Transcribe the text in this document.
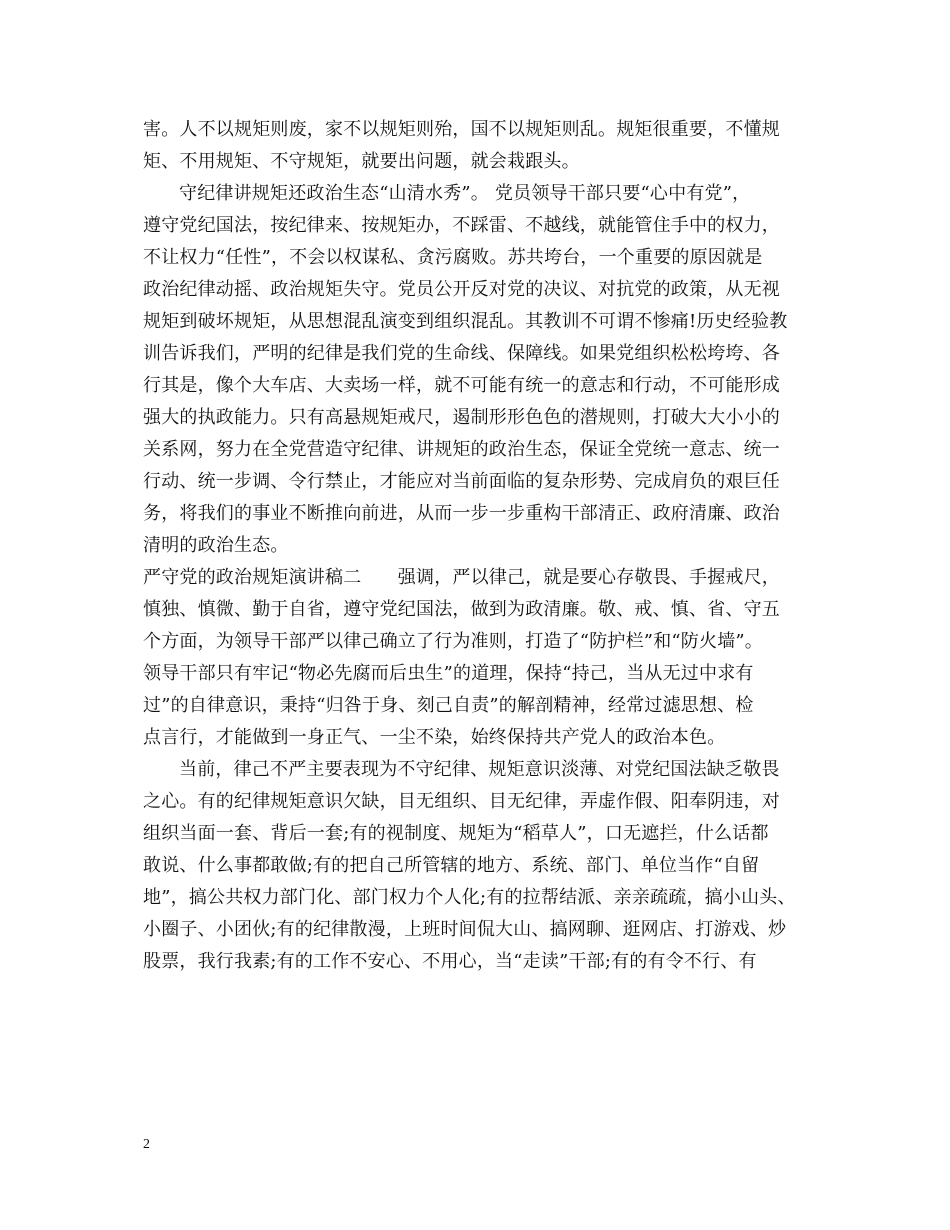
害。人不以规矩则废，家不以规矩则殆，国不以规矩则乱。规矩很重要，不懂规
矩、不用规矩、不守规矩，就要出问题，就会栽跟头。
守纪律讲规矩还政治生态“山清水秀”。 党员领导干部只要“心中有党”，
遵守党纪国法，按纪律来、按规矩办，不踩雷、不越线，就能管住手中的权力，
不让权力“任性”，不会以权谋私、贪污腐败。苏共垮台，一个重要的原因就是
政治纪律动摇、政治规矩失守。党员公开反对党的决议、对抗党的政策，从无视
规矩到破坏规矩，从思想混乱演变到组织混乱。其教训不可谓不惨痛!历史经验教
训告诉我们，严明的纪律是我们党的生命线、保障线。如果党组织松松垮垮、各
行其是，像个大车店、大卖场一样，就不可能有统一的意志和行动，不可能形成
强大的执政能力。只有高悬规矩戒尺，遏制形形色色的潜规则，打破大大小小的
关系网，努力在全党营造守纪律、讲规矩的政治生态，保证全党统一意志、统一
行动、统一步调、令行禁止，才能应对当前面临的复杂形势、完成肩负的艰巨任
务，将我们的事业不断推向前进，从而一步一步重构干部清正、政府清廉、政治
清明的政治生态。
严守党的政治规矩演讲稿二　　强调，严以律己，就是要心存敬畏、手握戒尺，
慎独、慎微、勤于自省，遵守党纪国法，做到为政清廉。敬、戒、慎、省、守五
个方面，为领导干部严以律己确立了行为准则，打造了“防护栏”和“防火墙”。
领导干部只有牢记“物必先腐而后虫生”的道理，保持“持己，当从无过中求有
过”的自律意识，秉持“归咎于身、刻己自责”的解剖精神，经常过滤思想、检
点言行，才能做到一身正气、一尘不染，始终保持共产党人的政治本色。
当前，律己不严主要表现为不守纪律、规矩意识淡薄、对党纪国法缺乏敬畏
之心。有的纪律规矩意识欠缺，目无组织、目无纪律，弄虚作假、阳奉阴违，对
组织当面一套、背后一套;有的视制度、规矩为“稻草人”，口无遮拦，什么话都
敢说、什么事都敢做;有的把自己所管辖的地方、系统、部门、单位当作“自留
地”，搞公共权力部门化、部门权力个人化;有的拉帮结派、亲亲疏疏，搞小山头、
小圈子、小团伙;有的纪律散漫，上班时间侃大山、搞网聊、逛网店、打游戏、炒
股票，我行我素;有的工作不安心、不用心，当“走读”干部;有的有令不行、有
2
